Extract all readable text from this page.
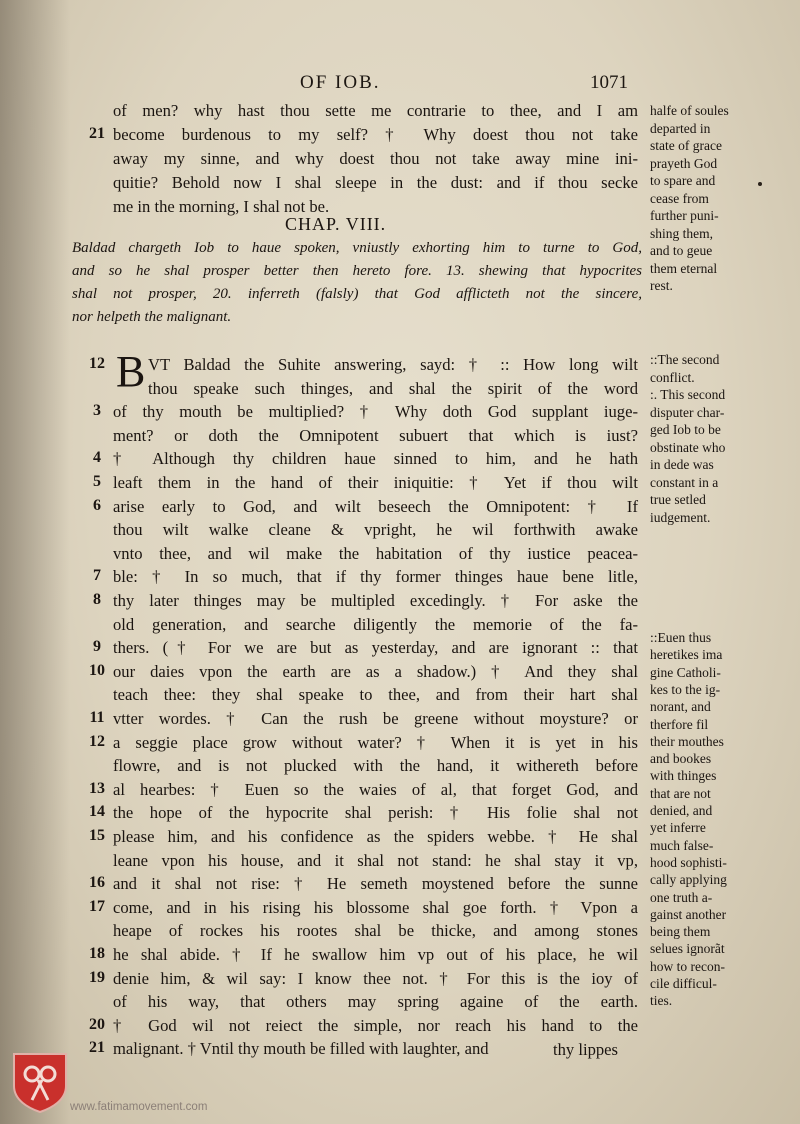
OF IOB.	1071
of men? why hast thou sette me contrarie to thee, and I am
21 become burdenous to my self? † Why doest thou not take
away my sinne, and why doest thou not take away mine ini-
quitie? Behold now I shal sleepe in the dust: and if thou secke
me in the morning, I shal not be.
CHAP. VIII.
Baldad chargeth Iob to haue spoken, vniustly exhorting him to turne to God,
and so he shal prosper better then hereto fore. 13. shewing that hypocrites
shal not prosper, 20. inferreth (falsly) that God afflicteth not the sincere,
nor helpeth the malignant.
B
12	VT Baldad the Suhite answering, sayd: † :: How long wilt
thou speake such thinges, and shal the spirit of the word
3 of thy mouth be multiplied? † Why doth God supplant iuge-
ment? or doth the Omnipotent subuert that which is iust?
4 † Although thy children haue sinned to him, and he hath
5 leaft them in the hand of their iniquitie: † Yet if thou wilt
6 arise early to God, and wilt beseech the Omnipotent: † If
thou wilt walke cleane & vpright, he wil forthwith awake
vnto thee, and wil make the habitation of thy iustice peacea-
7 ble: † In so much, that if thy former thinges haue bene litle,
8 thy later thinges may be multipled excedingly. † For aske the
old generation, and searche diligently the memorie of the fa-
9 thers. († For we are but as yesterday, and are ignorant :: that
10 our daies vpon the earth are as a shadow.) † And they shal
teach thee: they shal speake to thee, and from their hart shal
11 vtter wordes. † Can the rush be greene without moysture? or
12 a seggie place grow without water? † When it is yet in his
flowre, and is not plucked with the hand, it withereth before
13 al hearbes: † Euen so the waies of al, that forget God, and
14 the hope of the hypocrite shal perish: † His folie shal not
15 please him, and his confidence as the spiders webbe. † He shal
leane vpon his house, and it shal not stand: he shal stay it vp,
16 and it shal not rise: † He semeth moystened before the sunne
17 come, and in his rising his blossome shal goe forth. † Vpon a
heape of rockes his rootes shal be thicke, and among stones
18 he shal abide. † If he swallow him vp out of his place, he wil
19 denie him, & wil say: I know thee not. † For this is the ioy of
of his way, that others may spring againe of the earth.
20 † God wil not reiect the simple, nor reach his hand to the
21 malignant. † Vntil thy mouth be filled with laughter, and
halfe of soules
departed in
state of grace
prayeth God
to spare and
cease from
further puni-
shing them,
and to geue
them eternal
rest.
::The second
conflict.
:. This second
disputer char-
ged Iob to be
obstinate who
in dede was
constant in a
true setled
iudgement.
::Euen thus
heretikes ima
gine Catholi-
kes to the ig-
norant, and
therfore fil
their mouthes
and bookes
with thinges
that are not
denied, and
yet inferre
much false-
hood sophisti-
cally applying
one truth a-
gainst another
being them
selues ignorãt
how to recon-
cile difficul-
ties.
thy lippes
www.fatimamovement.com
